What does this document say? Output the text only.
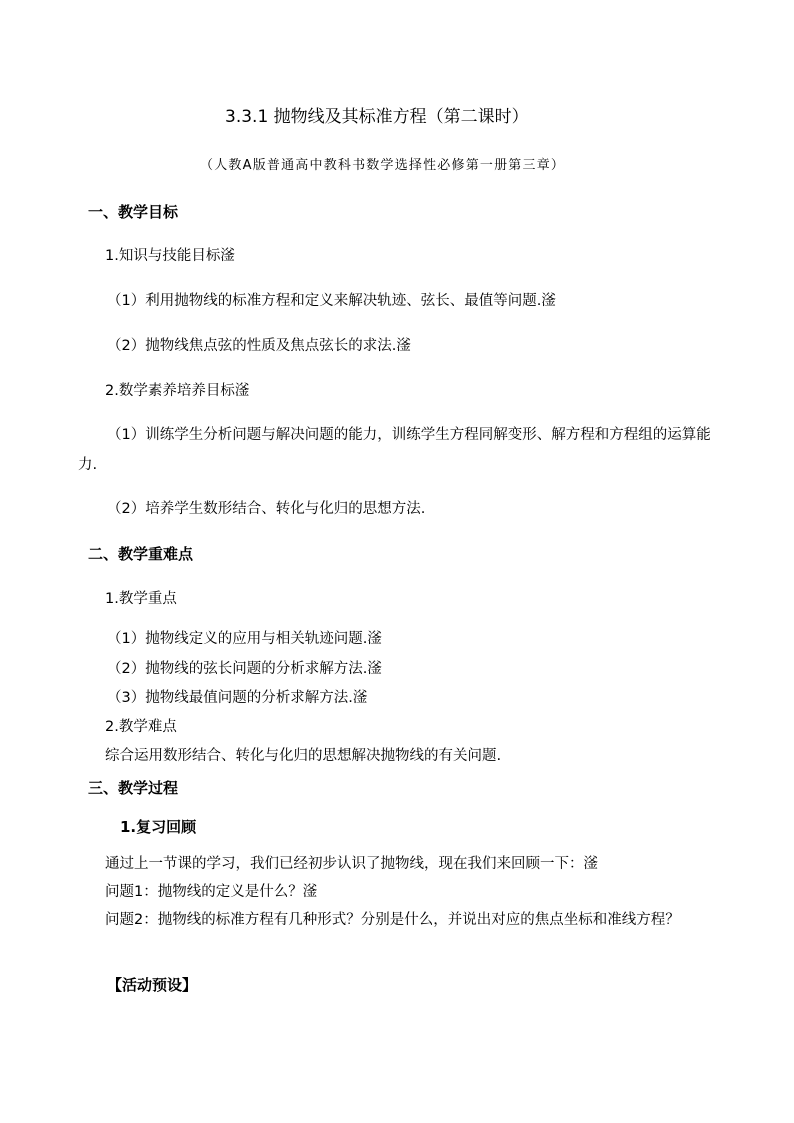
3.3.1 抛物线及其标准方程（第二课时）
（人教A版普通高中教科书数学选择性必修第一册第三章）
一、教学目标
1.知识与技能目标滏
（1）利用抛物线的标准方程和定义来解决轨迹、弦长、最值等问题.滏
（2）抛物线焦点弦的性质及焦点弦长的求法.滏
2.数学素养培养目标滏
（1）训练学生分析问题与解决问题的能力，训练学生方程同解变形、解方程和方程组的运算能力.
（2）培养学生数形结合、转化与化归的思想方法.
二、教学重难点
1.教学重点
（1）抛物线定义的应用与相关轨迹问题.滏
（2）抛物线的弦长问题的分析求解方法.滏
（3）抛物线最值问题的分析求解方法.滏
2.教学难点
综合运用数形结合、转化与化归的思想解决抛物线的有关问题.
三、教学过程
1.复习回顾
通过上一节课的学习，我们已经初步认识了抛物线，现在我们来回顾一下：滏
问题1：抛物线的定义是什么？滏
问题2：抛物线的标准方程有几种形式？分别是什么，并说出对应的焦点坐标和准线方程？
【活动预设】
